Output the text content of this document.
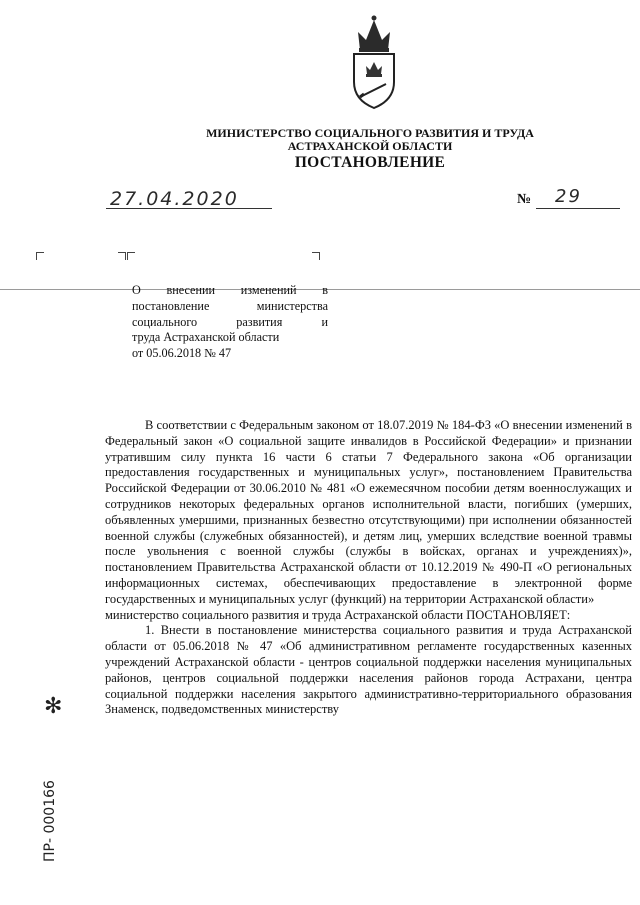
МИНИСТЕРСТВО СОЦИАЛЬНОГО РАЗВИТИЯ И ТРУДА
АСТРАХАНСКОЙ ОБЛАСТИ
ПОСТАНОВЛЕНИЕ
27.04.2020	№ 29
О внесении изменений в
постановление министерства
социального развития и
труда Астраханской области
от 05.06.2018 № 47

В соответствии с Федеральным законом от 18.07.2019 № 184-ФЗ «О внесении изменений в Федеральный закон «О социальной защите инвалидов в Российской Федерации» и признании утратившим силу пункта 16 части 6 статьи 7 Федерального закона «Об организации предоставления государственных и муниципальных услуг», постановлением Правительства Российской Федерации от 30.06.2010 № 481 «О ежемесячном пособии детям военнослужащих и сотрудников некоторых федеральных органов исполнительной власти, погибших (умерших, объявленных умершими, признанных безвестно отсутствующими) при исполнении обязанностей военной службы (служебных обязанностей), и детям лиц, умерших вследствие военной травмы после увольнения с военной службы (службы в войсках, органах и учреждениях)», постановлением Правительства Астраханской области от 10.12.2019 № 490-П «О региональных информационных системах, обеспечивающих предоставление в электронной форме государственных и муниципальных услуг (функций) на территории Астраханской области»

министерство социального развития и труда Астраханской области ПОСТАНОВЛЯЕТ:

1. Внести в постановление министерства социального развития и труда Астраханской области от 05.06.2018 № 47 «Об административном регламенте государственных казенных учреждений Астраханской области - центров социальной поддержки населения муниципальных районов, центров социальной поддержки населения районов города Астрахани, центра социальной поддержки населения закрытого административно-территориального образования Знаменск, подведомственных министерству

✻
ПР- 000166
